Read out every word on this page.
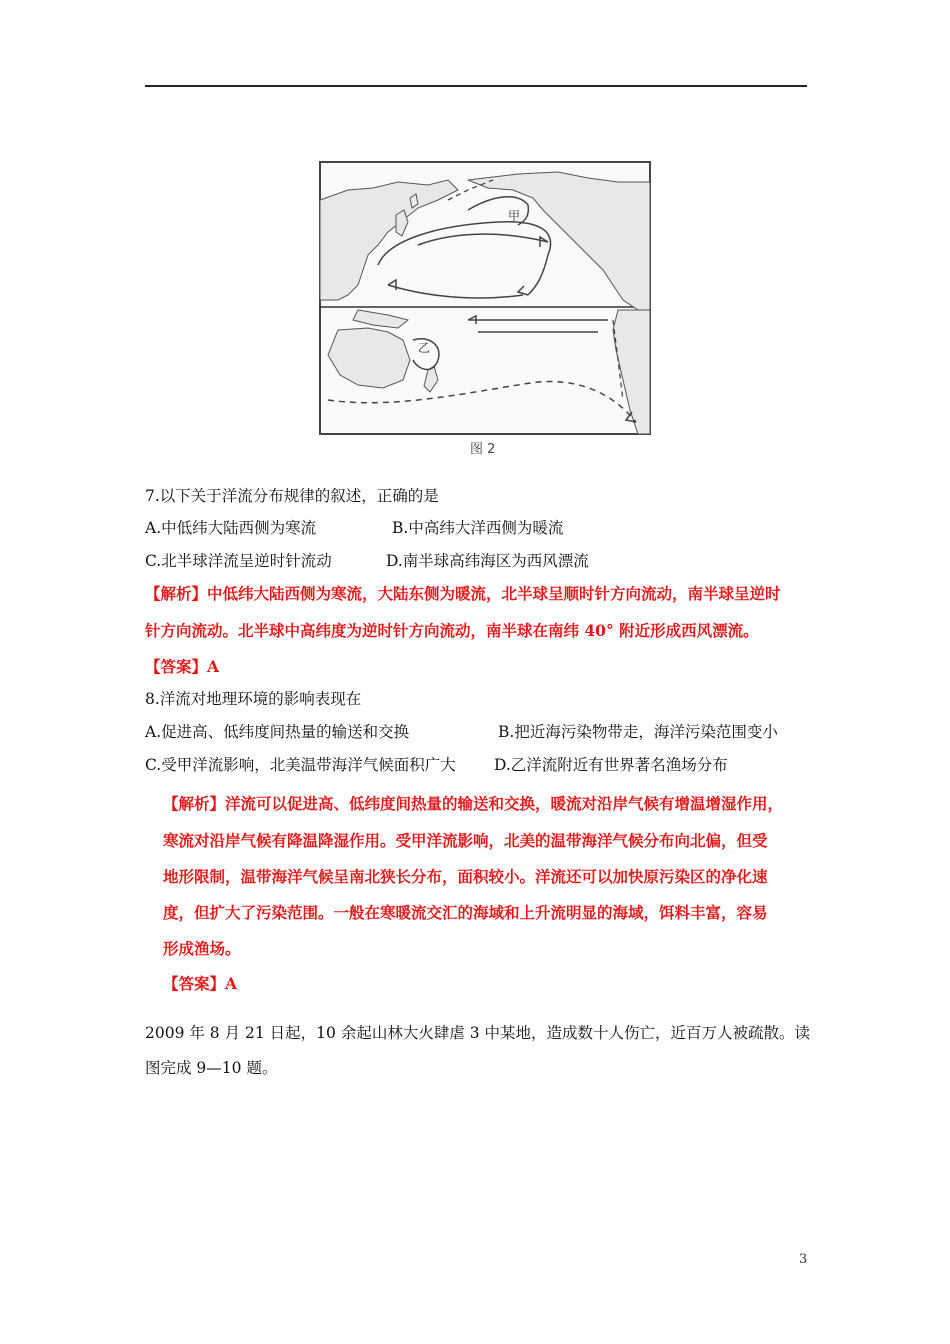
甲
乙
图 2
7.以下关于洋流分布规律的叙述，正确的是
A.中低纬大陆西侧为寒流	B.中高纬大洋西侧为暖流
C.北半球洋流呈逆时针流动	D.南半球高纬海区为西风漂流
【解析】中低纬大陆西侧为寒流，大陆东侧为暖流，北半球呈顺时针方向流动，南半球呈逆时
针方向流动。北半球中高纬度为逆时针方向流动，南半球在南纬 40° 附近形成西风漂流。
【答案】A
8.洋流对地理环境的影响表现在
A.促进高、低纬度间热量的输送和交换	B.把近海污染物带走，海洋污染范围变小
C.受甲洋流影响，北美温带海洋气候面积广大 D.乙洋流附近有世界著名渔场分布
【解析】洋流可以促进高、低纬度间热量的输送和交换，暖流对沿岸气候有增温增湿作用，
寒流对沿岸气候有降温降湿作用。受甲洋流影响，北美的温带海洋气候分布向北偏，但受
地形限制，温带海洋气候呈南北狭长分布，面积较小。洋流还可以加快原污染区的净化速
度，但扩大了污染范围。一般在寒暖流交汇的海域和上升流明显的海域，饵料丰富，容易
形成渔场。
【答案】A
2009 年 8 月 21 日起，10 余起山林大火肆虐 3 中某地，造成数十人伤亡，近百万人被疏散。读
图完成 9—10 题。
3
